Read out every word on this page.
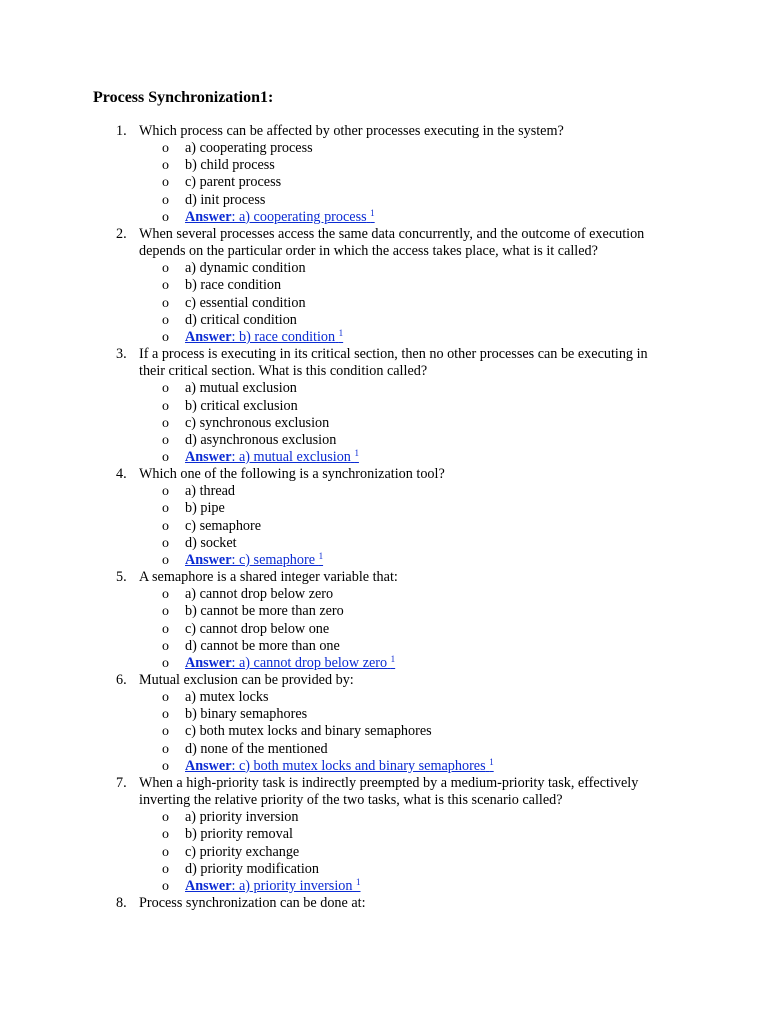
Process Synchronization1:
1. Which process can be affected by other processes executing in the system?
o a) cooperating process
o b) child process
o c) parent process
o d) init process
o Answer: a) cooperating process $^1$
2. When several processes access the same data concurrently, and the outcome of execution depends on the particular order in which the access takes place, what is it called?
o a) dynamic condition
o b) race condition
o c) essential condition
o d) critical condition
o Answer: b) race condition $^1$
3. If a process is executing in its critical section, then no other processes can be executing in their critical section. What is this condition called?
o a) mutual exclusion
o b) critical exclusion
o c) synchronous exclusion
o d) asynchronous exclusion
o Answer: a) mutual exclusion $^1$
4. Which one of the following is a synchronization tool?
o a) thread
o b) pipe
o c) semaphore
o d) socket
o Answer: c) semaphore $^1$
5. A semaphore is a shared integer variable that:
o a) cannot drop below zero
o b) cannot be more than zero
o c) cannot drop below one
o d) cannot be more than one
o Answer: a) cannot drop below zero $^1$
6. Mutual exclusion can be provided by:
o a) mutex locks
o b) binary semaphores
o c) both mutex locks and binary semaphores
o d) none of the mentioned
o Answer: c) both mutex locks and binary semaphores $^1$
7. When a high-priority task is indirectly preempted by a medium-priority task, effectively inverting the relative priority of the two tasks, what is this scenario called?
o a) priority inversion
o b) priority removal
o c) priority exchange
o d) priority modification
o Answer: a) priority inversion $^1$
8. Process synchronization can be done at:
